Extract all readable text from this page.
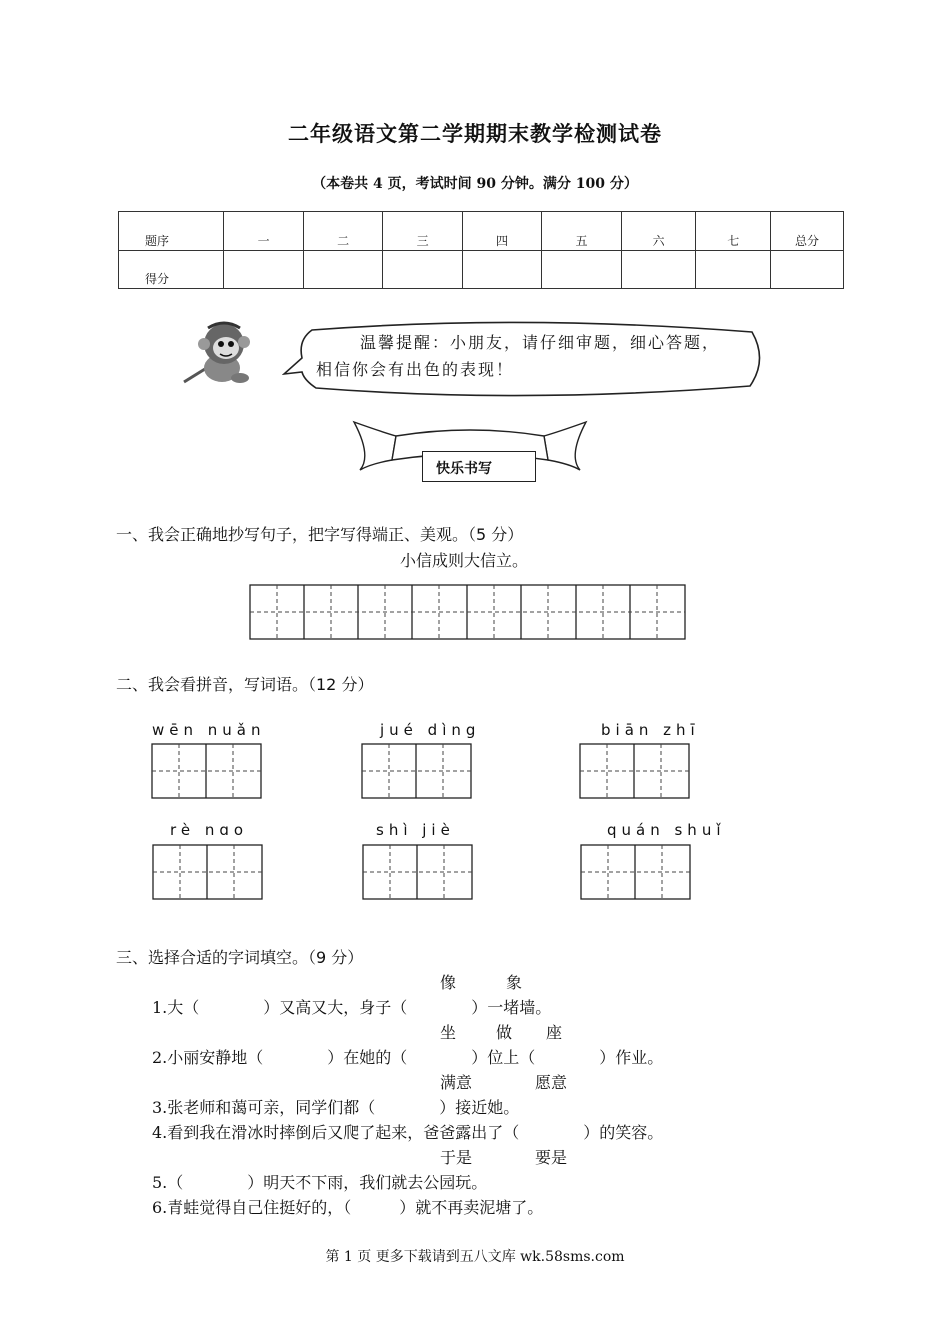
二年级语文第二学期期末教学检测试卷
（本卷共 4 页，考试时间 90 分钟。满分 100 分）
题序	一	二	三	四	五	六	七	总分
得分								
温馨提醒：小朋友，请仔细审题，细心答题，
相信你会有出色的表现！
快乐书写
一、我会正确地抄写句子，把字写得端正、美观。（5 分）
小信成则大信立。
二、我会看拼音，写词语。（12 分）
wēn nuǎn	jué dìng	biān zhī
rè nɑo	shì jiè	quán shuǐ
三、选择合适的字词填空。（9 分）
像	象
1.大（　　　　）又高又大，身子（　　　　）一堵墙。
坐 做 座
2.小丽安静地（　　　　）在她的（　　　　）位上（　　　　）作业。
满意	愿意
3.张老师和蔼可亲，同学们都（　　　　）接近她。
4.看到我在滑冰时摔倒后又爬了起来，爸爸露出了（　　　　）的笑容。
于是	要是
5.（　　　　）明天不下雨，我们就去公园玩。
6.青蛙觉得自己住挺好的，（　　　）就不再卖泥塘了。
第 1 页 更多下载请到五八文库 wk.58sms.com
